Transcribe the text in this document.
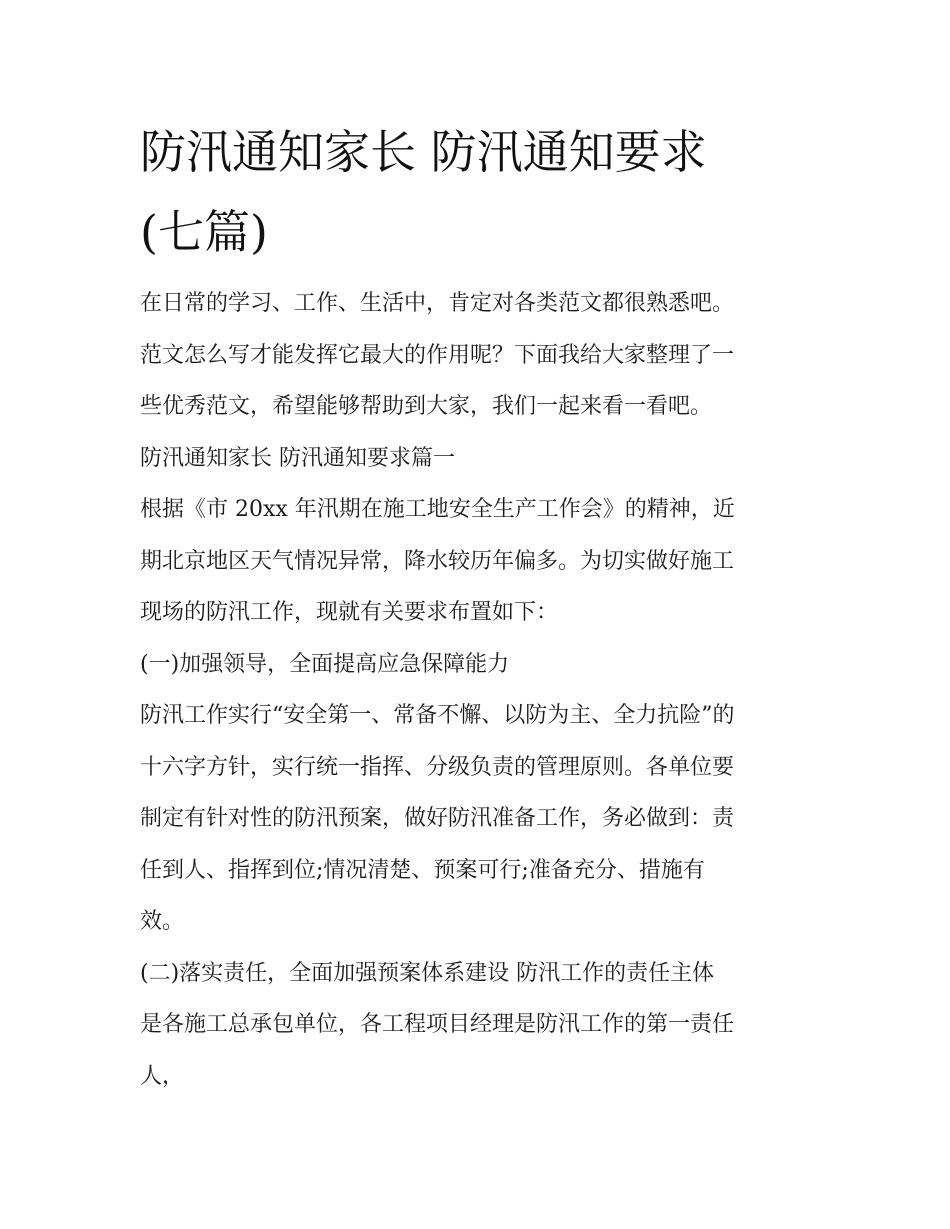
防汛通知家长 防汛通知要求
(七篇)
在日常的学习、工作、生活中，肯定对各类范文都很熟悉吧。
范文怎么写才能发挥它最大的作用呢？下面我给大家整理了一
些优秀范文，希望能够帮助到大家，我们一起来看一看吧。
防汛通知家长 防汛通知要求篇一
根据《市 20xx 年汛期在施工地安全生产工作会》的精神，近
期北京地区天气情况异常，降水较历年偏多。为切实做好施工
现场的防汛工作，现就有关要求布置如下：
(一)加强领导，全面提高应急保障能力
防汛工作实行“安全第一、常备不懈、以防为主、全力抗险”的
十六字方针，实行统一指挥、分级负责的管理原则。各单位要
制定有针对性的防汛预案，做好防汛准备工作，务必做到：责
任到人、指挥到位;情况清楚、预案可行;准备充分、措施有
效。
(二)落实责任，全面加强预案体系建设 防汛工作的责任主体
是各施工总承包单位，各工程项目经理是防汛工作的第一责任
人，
